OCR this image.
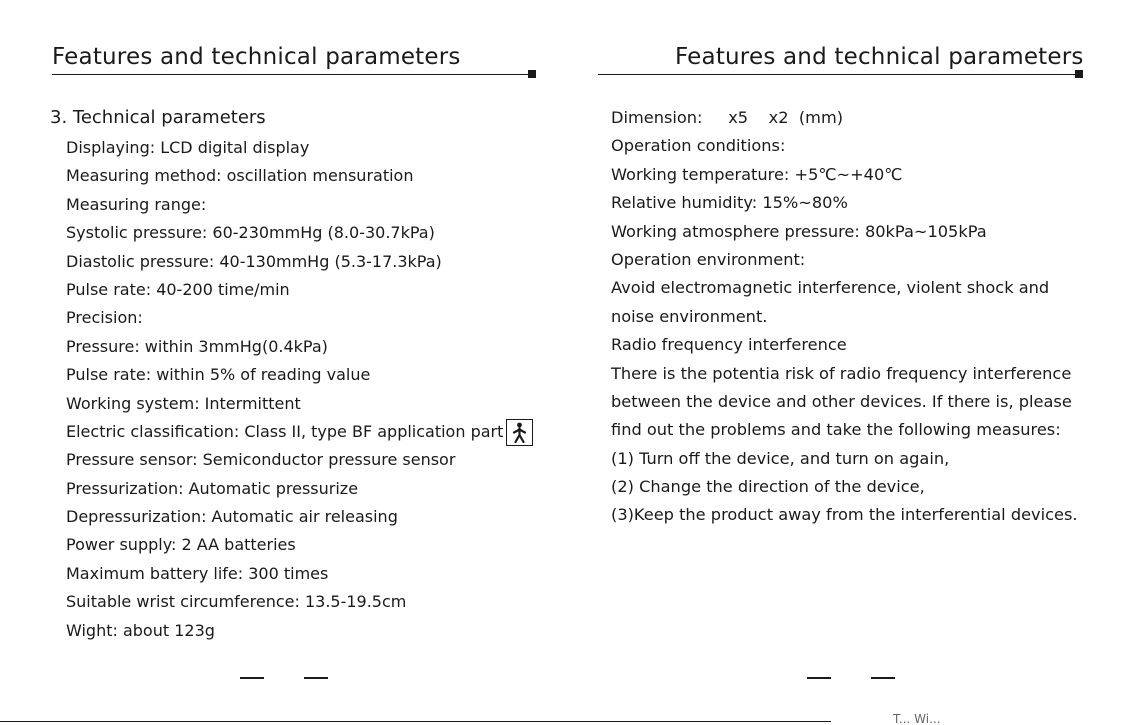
Features and technical parameters
3. Technical parameters
Displaying: LCD digital display
Measuring method: oscillation mensuration
Measuring range:
Systolic pressure: 60-230mmHg (8.0-30.7kPa)
Diastolic pressure: 40-130mmHg (5.3-17.3kPa)
Pulse rate: 40-200 time/min
Precision:
Pressure: within 3mmHg(0.4kPa)
Pulse rate: within 5% of reading value
Working system: Intermittent
Electric classification: Class II, type BF application part
Pressure sensor: Semiconductor pressure sensor
Pressurization: Automatic pressurize
Depressurization: Automatic air releasing
Power supply: 2 AA batteries
Maximum battery life: 300 times
Suitable wrist circumference: 13.5-19.5cm
Wight: about 123g
Features and technical parameters
Dimension:     x5    x2  (mm)
Operation conditions:
Working temperature: +5℃~+40℃
Relative humidity: 15%~80%
Working atmosphere pressure: 80kPa~105kPa
Operation environment:
Avoid electromagnetic interference, violent shock and
noise environment.
Radio frequency interference
There is the potentia risk of radio frequency interference
between the device and other devices. If there is, please
find out the problems and take the following measures:
(1) Turn off the device, and turn on again,
(2) Change the direction of the device,
(3)Keep the product away from the interferential devices.
T... Wi...
